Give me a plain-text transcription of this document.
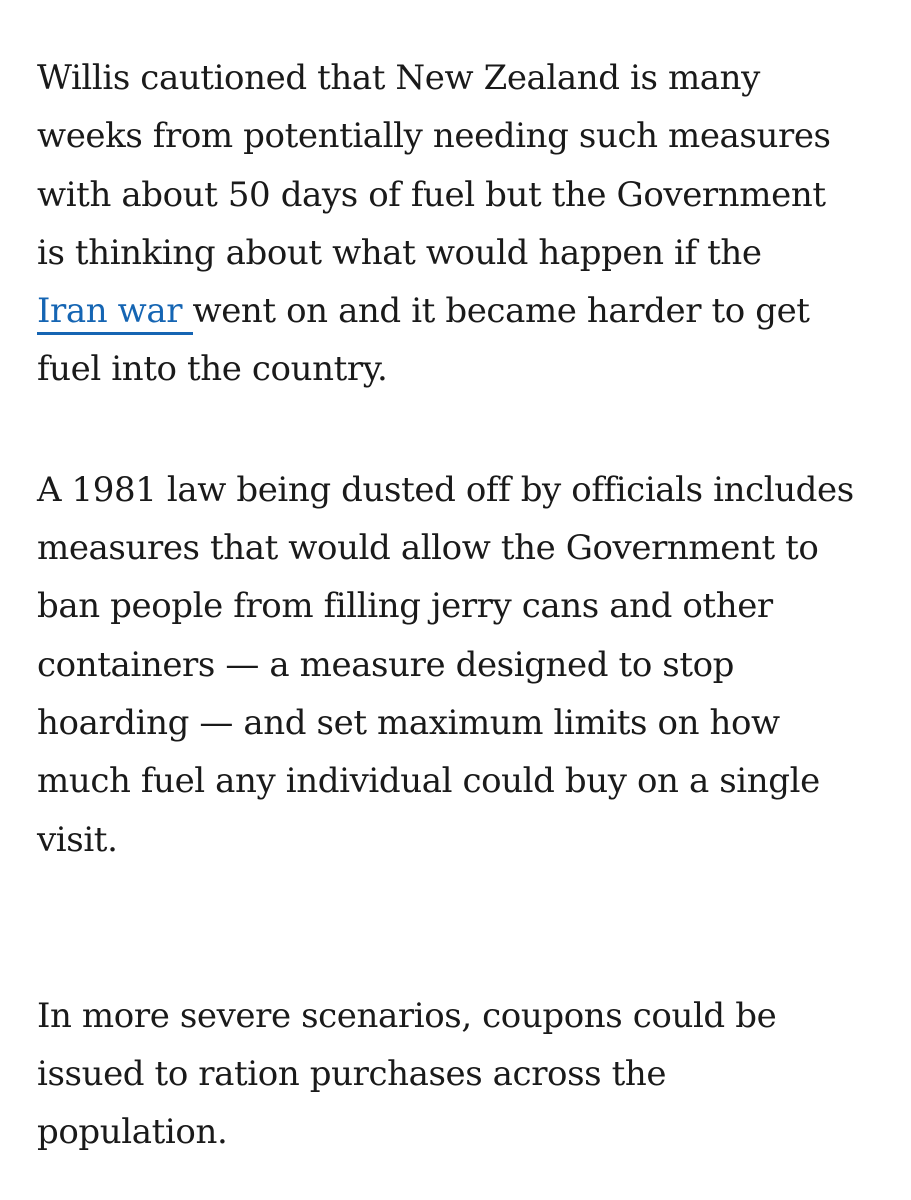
Willis cautioned that New Zealand is many
weeks from potentially needing such measures
with about 50 days of fuel but the Government
is thinking about what would happen if the
Iran war went on and it became harder to get
fuel into the country.

A 1981 law being dusted off by officials includes
measures that would allow the Government to
ban people from filling jerry cans and other
containers — a measure designed to stop
hoarding — and set maximum limits on how
much fuel any individual could buy on a single
visit.

In more severe scenarios, coupons could be
issued to ration purchases across the
population.
